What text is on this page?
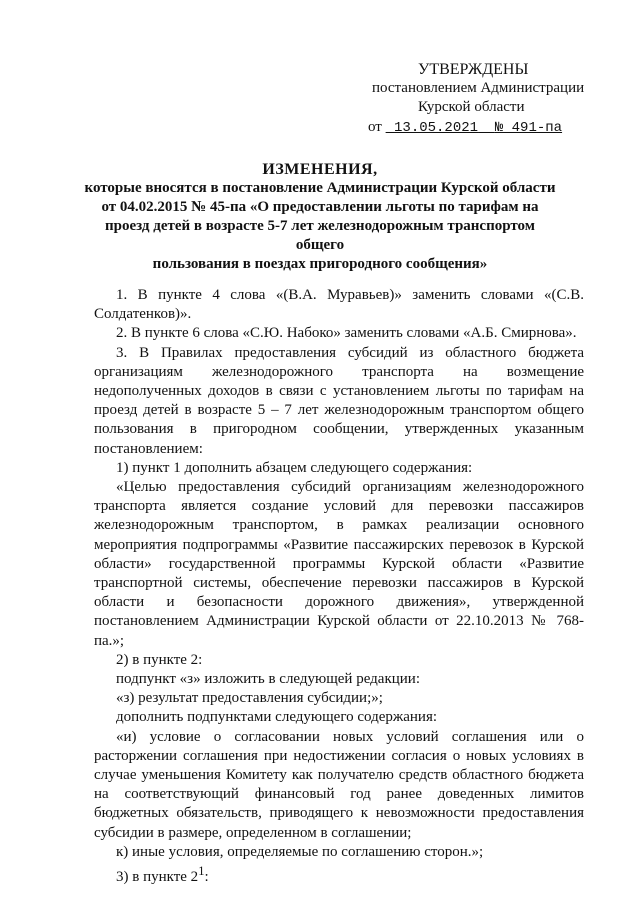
УТВЕРЖДЕНЫ
постановлением Администрации
Курской области
от 13.05.2021 № 491-па
ИЗМЕНЕНИЯ,
которые вносятся в постановление Администрации Курской области
от 04.02.2015 № 45-па «О предоставлении льготы по тарифам на
проезд детей в возрасте 5-7 лет железнодорожным транспортом общего
пользования в поездах пригородного сообщения»

1. В пункте 4 слова «(В.А. Муравьев)» заменить словами «(С.В. Солдатенков)».

2. В пункте 6 слова «С.Ю. Набоко» заменить словами «А.Б. Смирнова».

3. В Правилах предоставления субсидий из областного бюджета организациям железнодорожного транспорта на возмещение недополученных доходов в связи с установлением льготы по тарифам на проезд детей в возрасте 5 – 7 лет железнодорожным транспортом общего пользования в пригородном сообщении, утвержденных указанным постановлением:

1) пункт 1 дополнить абзацем следующего содержания:

«Целью предоставления субсидий организациям железнодорожного транспорта является создание условий для перевозки пассажиров железнодорожным транспортом, в рамках реализации основного мероприятия подпрограммы «Развитие пассажирских перевозок в Курской области» государственной программы Курской области «Развитие транспортной системы, обеспечение перевозки пассажиров в Курской области и безопасности дорожного движения», утвержденной постановлением Администрации Курской области от 22.10.2013 № 768-па.»;

2) в пункте 2:

подпункт «з» изложить в следующей редакции:

«з) результат предоставления субсидии;»;

дополнить подпунктами следующего содержания:

«и) условие о согласовании новых условий соглашения или о расторжении соглашения при недостижении согласия о новых условиях в случае уменьшения Комитету как получателю средств областного бюджета на соответствующий финансовый год ранее доведенных лимитов бюджетных обязательств, приводящего к невозможности предоставления субсидии в размере, определенном в соглашении;

к) иные условия, определяемые по соглашению сторон.»;

3) в пункте $2^1$:
